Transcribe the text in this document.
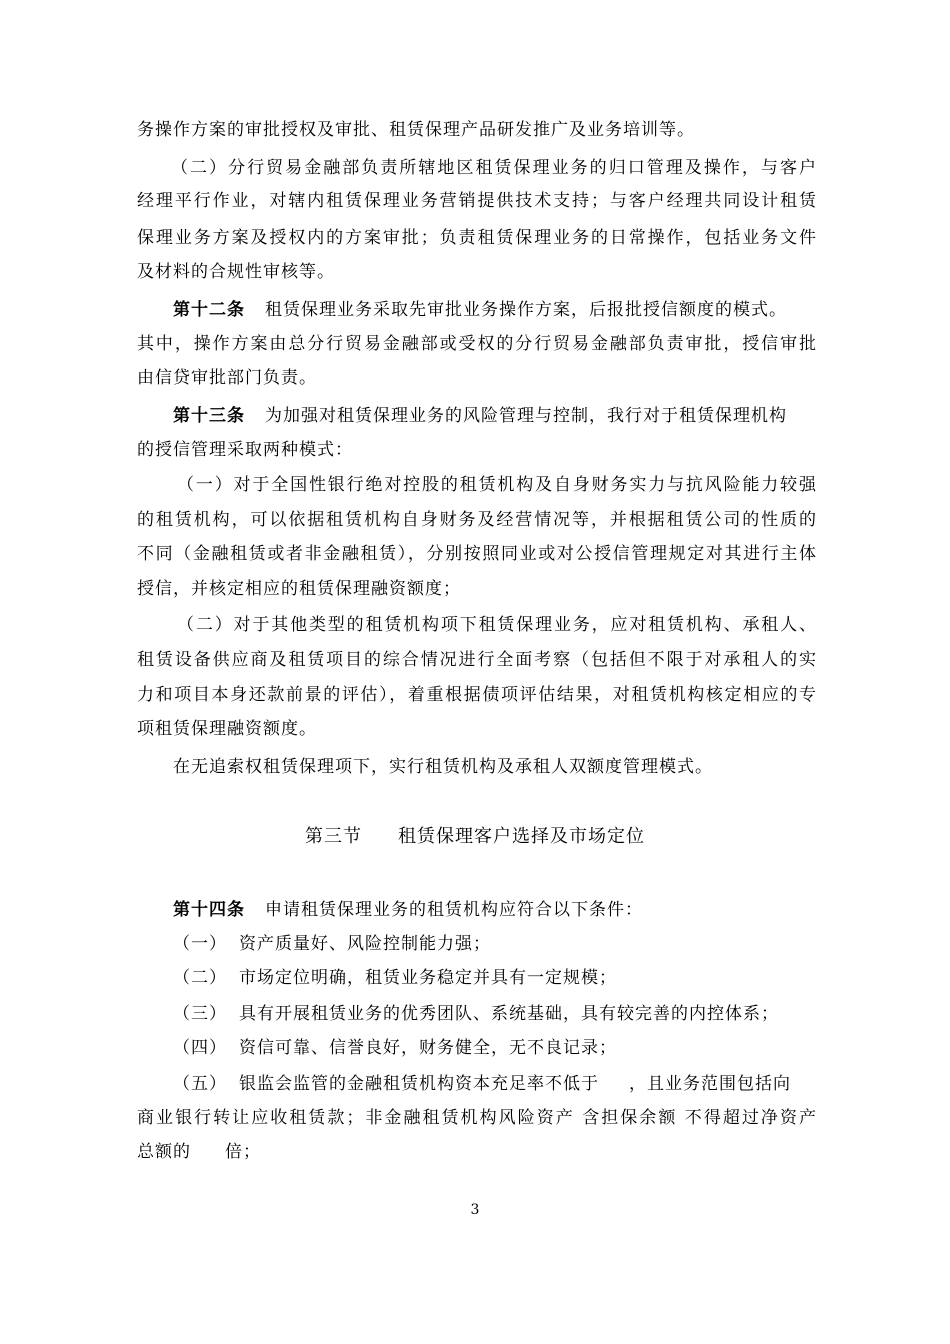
务操作方案的审批授权及审批、租赁保理产品研发推广及业务培训等。
（二）分行贸易金融部负责所辖地区租赁保理业务的归口管理及操作，与客户
经理平行作业，对辖内租赁保理业务营销提供技术支持；与客户经理共同设计租赁
保理业务方案及授权内的方案审批；负责租赁保理业务的日常操作，包括业务文件
及材料的合规性审核等。
第十二条 租赁保理业务采取先审批业务操作方案，后报批授信额度的模式。
其中，操作方案由总分行贸易金融部或受权的分行贸易金融部负责审批，授信审批
由信贷审批部门负责。
第十三条 为加强对租赁保理业务的风险管理与控制，我行对于租赁保理机构
的授信管理采取两种模式：
（一）对于全国性银行绝对控股的租赁机构及自身财务实力与抗风险能力较强
的租赁机构，可以依据租赁机构自身财务及经营情况等，并根据租赁公司的性质的
不同（金融租赁或者非金融租赁），分别按照同业或对公授信管理规定对其进行主体
授信，并核定相应的租赁保理融资额度；
（二）对于其他类型的租赁机构项下租赁保理业务，应对租赁机构、承租人、
租赁设备供应商及租赁项目的综合情况进行全面考察（包括但不限于对承租人的实
力和项目本身还款前景的评估），着重根据债项评估结果，对租赁机构核定相应的专
项租赁保理融资额度。
在无追索权租赁保理项下，实行租赁机构及承租人双额度管理模式。
第三节 租赁保理客户选择及市场定位
第十四条 申请租赁保理业务的租赁机构应符合以下条件：
（一） 资产质量好、风险控制能力强；
（二） 市场定位明确，租赁业务稳定并具有一定规模；
（三） 具有开展租赁业务的优秀团队、系统基础，具有较完善的内控体系；
（四） 资信可靠、信誉良好，财务健全，无不良记录；
（五） 银监会监管的金融租赁机构资本充足率不低于 ，且业务范围包括向
商业银行转让应收租赁款；非金融租赁机构风险资产 含担保余额 不得超过净资产
总额的 倍；
3
